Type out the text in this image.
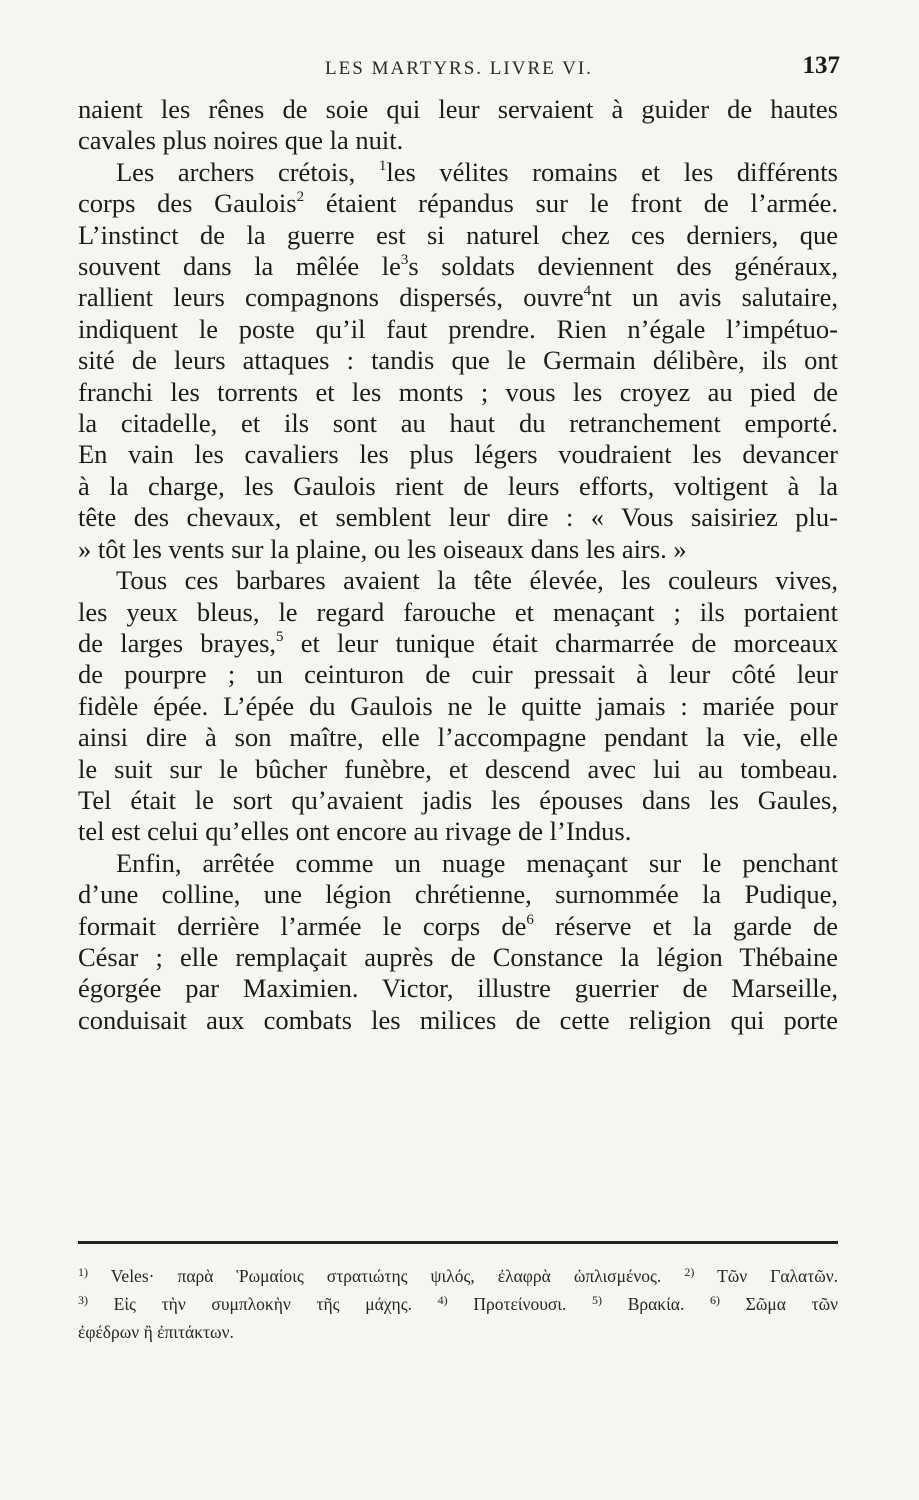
LES MARTYRS. LIVRE VI.	137
naient les rênes de soie qui leur servaient à guider de hautes
cavales plus noires que la nuit.
Les archers crétois, $^1$les vélites romains et les différents
corps des Gaulois$^2$ étaient répandus sur le front de l’armée.
L’instinct de la guerre est si naturel chez ces derniers, que
souvent dans la mêlée $le^3s$ soldats deviennent des généraux,
rallient leurs compagnons dispersés, ouvre$^4$nt un avis salutaire,
indiquent le poste qu’il faut prendre. Rien n’égale l’impétuo-
sité de leurs attaques : tandis que le Germain délibère, ils ont
franchi les torrents et les monts ; vous les croyez au pied de
la citadelle, et ils sont au haut du retranchement emporté.
En vain les cavaliers les plus légers voudraient les devancer
à la charge, les Gaulois rient de leurs efforts, voltigent à la
tête des chevaux, et semblent leur dire : « Vous saisiriez plu-
» tôt les vents sur la plaine, ou les oiseaux dans les airs. »
Tous ces barbares avaient la tête élevée, les couleurs vives,
les yeux bleus, le regard farouche et menaçant ; ils portaient
de larges brayes,$^5$ et leur tunique était charmarrée de morceaux
de pourpre ; un ceinturon de cuir pressait à leur côté leur
fidèle épée. L’épée du Gaulois ne le quitte jamais : mariée pour
ainsi dire à son maître, elle l’accompagne pendant la vie, elle
le suit sur le bûcher funèbre, et descend avec lui au tombeau.
Tel était le sort qu’avaient jadis les épouses dans les Gaules,
tel est celui qu’elles ont encore au rivage de l’Indus.
Enfin, arrêtée comme un nuage menaçant sur le penchant
d’une colline, une légion chrétienne, surnommée la Pudique,
formait derrière l’armée le corps $de^6$ réserve et la garde de
César ; elle remplaçait auprès de Constance la légion Thébaine
égorgée par Maximien. Victor, illustre guerrier de Marseille,
conduisait aux combats les milices de cette religion qui porte
$^{1)}$ Veles· παρὰ Ῥωμαίοις στρατιώτης ψιλός, ἐλαφρὰ ὡπλισμένος. $^{2)}$ Τῶν Γαλατῶν.
$^{3)}$ Εἰς τὴν συμπλοκὴν τῆς μάχης. $^{4)}$ Προτείνουσι. $^{5)}$ Βρακία. $^{6)}$ Σῶμα τῶν
ἐφέδρων ἢ ἐπιτάκτων.
